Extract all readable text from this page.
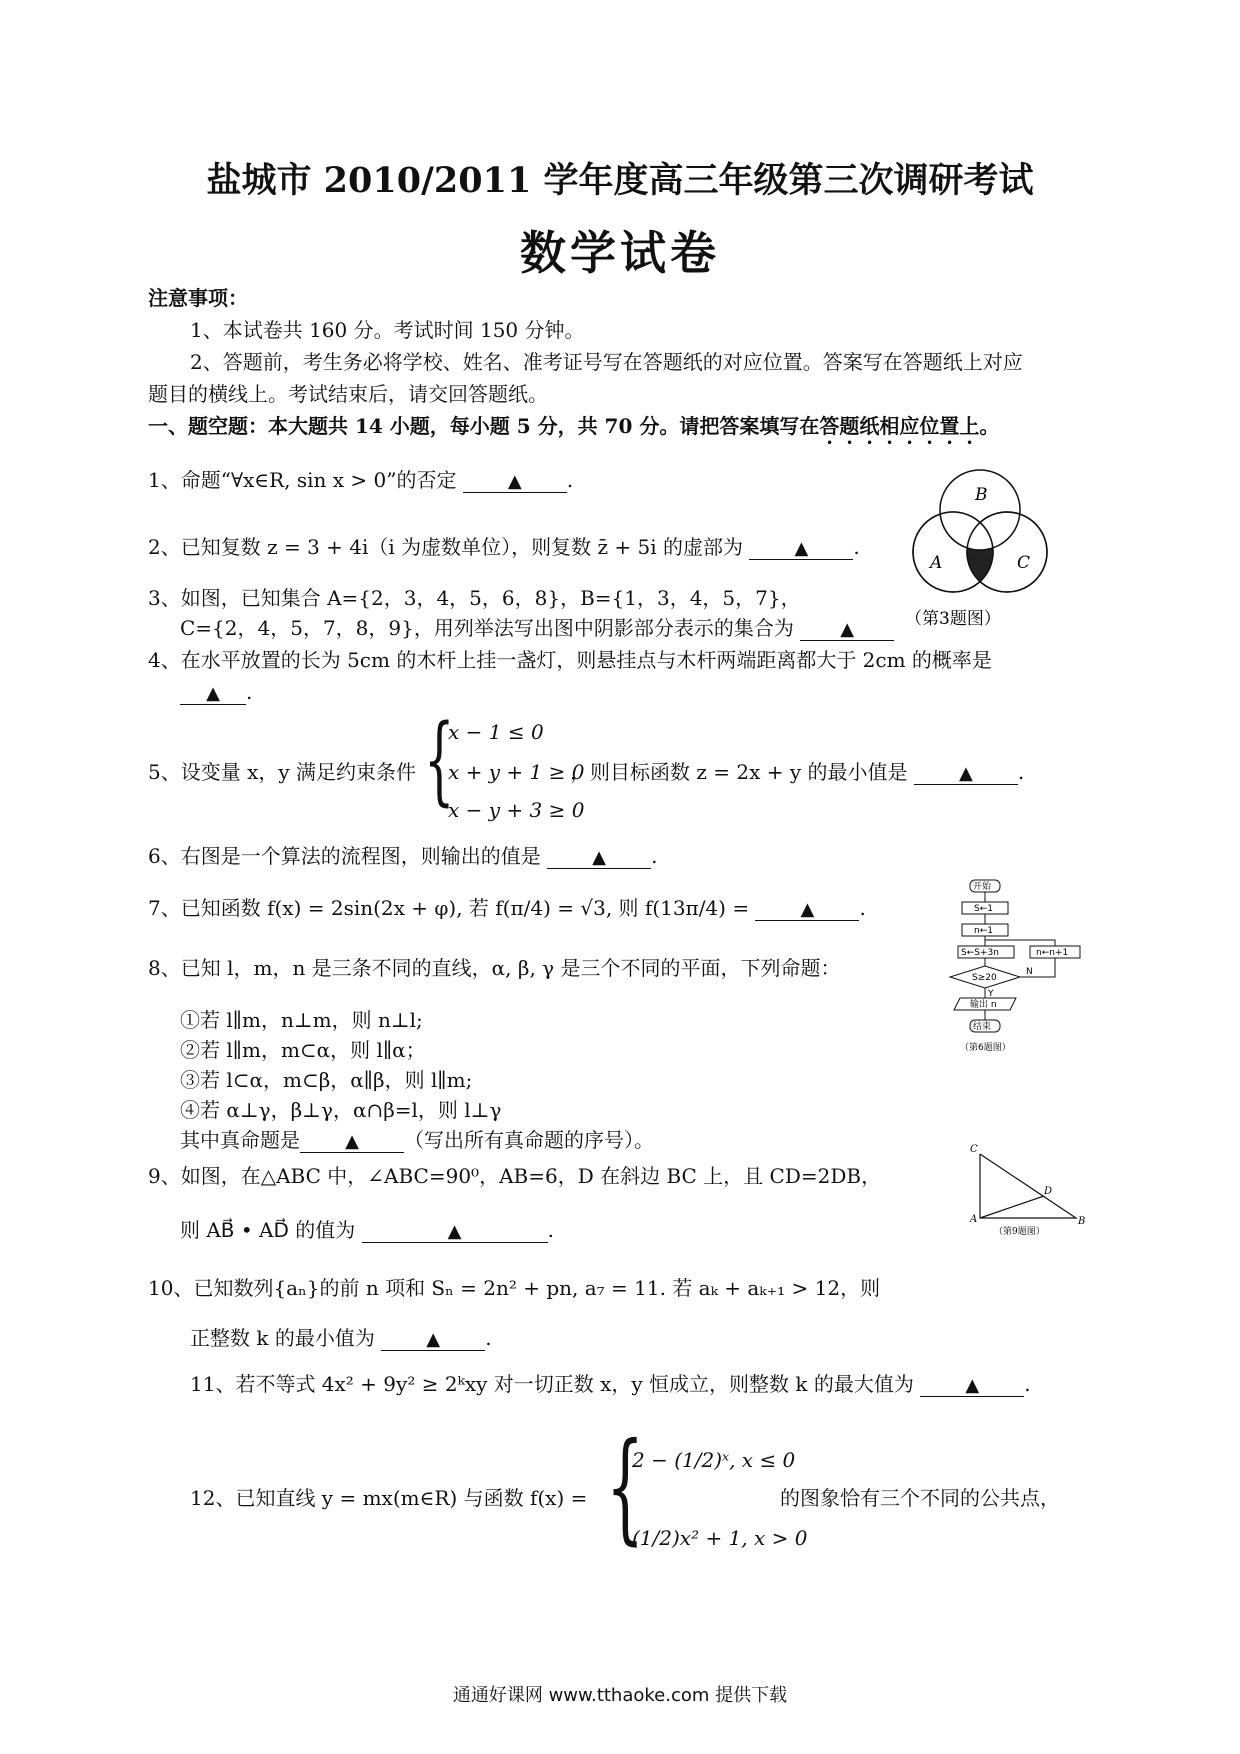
盐城市 2010/2011 学年度高三年级第三次调研考试
数学试卷
注意事项：
1、本试卷共 160 分。考试时间 150 分钟。
2、答题前，考生务必将学校、姓名、准考证号写在答题纸的对应位置。答案写在答题纸上对应
题目的横线上。考试结束后，请交回答题纸。
一、题空题：本大题共 14 小题，每小题 5 分，共 70 分。请把答案填写在答题纸相应位置上。
1、命题“∀x∈R, sin x > 0”的否定	▲ .
B
A	C
（第3题图）
2、已知复数 z = 3 + 4i（i 为虚数单位），则复数 z̄ + 5i 的虚部为	▲ .
3、如图，已知集合 A={2，3，4，5，6，8}，B={1，3，4，5，7}，
C={2，4，5，7，8，9}，用列举法写出图中阴影部分表示的集合为	▲
4、在水平放置的长为 5cm 的木杆上挂一盏灯，则悬挂点与木杆两端距离都大于 2cm 的概率是
▲ .
5、设变量 x，y 满足约束条件 {
x − 1 ≤ 0
x + y + 1 ≥ 0
x − y + 3 ≥ 0
，则目标函数 z = 2x + y 的最小值是	▲ .
6、右图是一个算法的流程图，则输出的值是	▲ .
开始
S←1
n←1
S←S+3n	n←n+1
S≥20
N
Y
输出 n
结束
（第6题图）
7、已知函数 f(x) = 2sin(2x + φ), 若 f(π/4) = √3, 则 f(13π/4) =	▲ .
8、已知 l，m，n 是三条不同的直线，α, β, γ 是三个不同的平面，下列命题：
①若 l∥m，n⊥m，则 n⊥l;
②若 l∥m，m⊂α，则 l∥α；
③若 l⊂α，m⊂β，α∥β，则 l∥m;
④若 α⊥γ，β⊥γ，α∩β=l，则 l⊥γ
其中真命题是	▲ （写出所有真命题的序号）。	C
A	B
D
（第9题图）
9、如图，在△ABC 中，∠ABC=90⁰，AB=6，D 在斜边 BC 上，且 CD=2DB，
则 AB⃗ • AD⃗ 的值为	▲	.
10、已知数列{aₙ}的前 n 项和 Sₙ = 2n² + pn, a₇ = 11. 若 aₖ + aₖ₊₁ > 12，则
正整数 k 的最小值为	▲ .
11、若不等式 4x² + 9y² ≥ 2ᵏxy 对一切正数 x，y 恒成立，则整数 k 的最大值为	▲ .
12、已知直线 y = mx(m∈R) 与函数 f(x) = {
2 − (1/2)ˣ, x ≤ 0
(1/2)x² + 1, x > 0
的图象恰有三个不同的公共点，
通通好课网 www.tthaoke.com 提供下载
